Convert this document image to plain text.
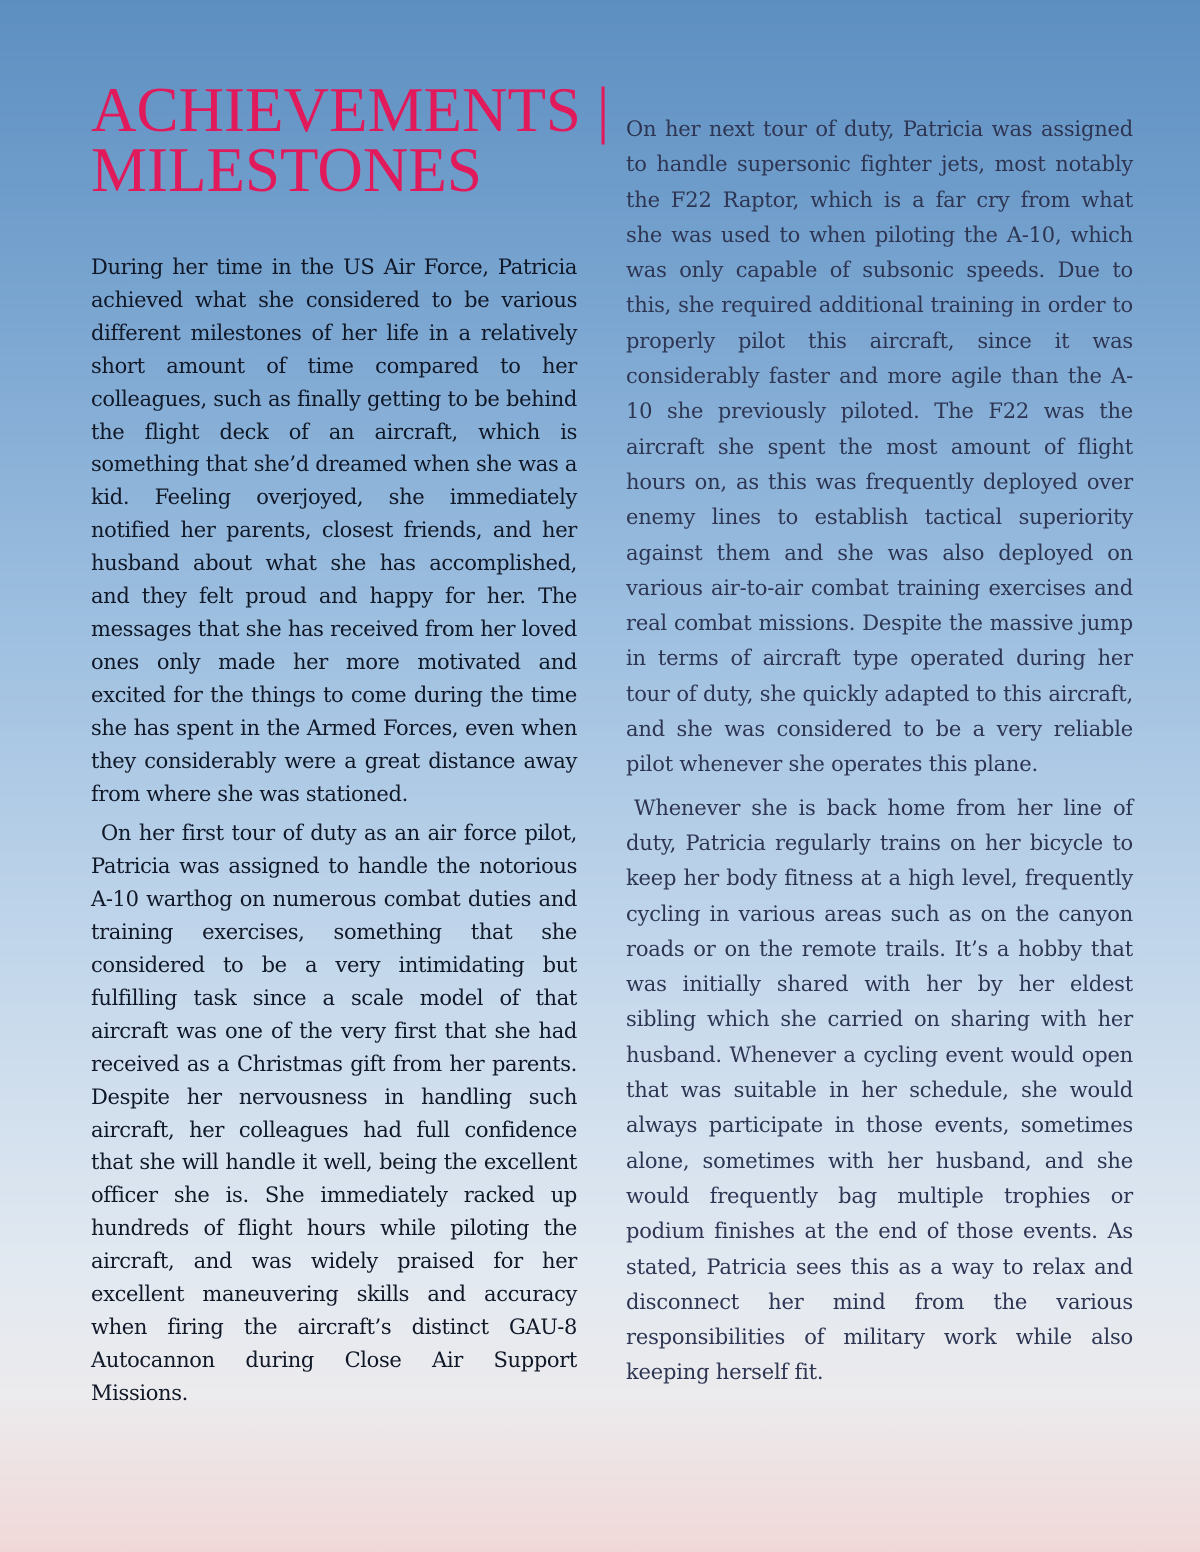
ACHIEVEMENTS |
MILESTONES

During her time in the US Air Force, Patricia achieved what she considered to be various different milestones of her life in a relatively short amount of time compared to her colleagues, such as finally getting to be behind the flight deck of an aircraft, which is something that she’d dreamed when she was a kid. Feeling overjoyed, she immediately notified her parents, closest friends, and her husband about what she has accomplished, and they felt proud and happy for her. The messages that she has received from her loved ones only made her more motivated and excited for the things to come during the time she has spent in the Armed Forces, even when they considerably were a great distance away from where she was stationed.

On her first tour of duty as an air force pilot, Patricia was assigned to handle the notorious A-10 warthog on numerous combat duties and training exercises, something that she considered to be a very intimidating but fulfilling task since a scale model of that aircraft was one of the very first that she had received as a Christmas gift from her parents. Despite her nervousness in handling such aircraft, her colleagues had full confidence that she will handle it well, being the excellent officer she is. She immediately racked up hundreds of flight hours while piloting the aircraft, and was widely praised for her excellent maneuvering skills and accuracy when firing the aircraft’s distinct GAU-8 Autocannon during Close Air Support Missions.

On her next tour of duty, Patricia was assigned to handle supersonic fighter jets, most notably the F22 Raptor, which is a far cry from what she was used to when piloting the A-10, which was only capable of subsonic speeds. Due to this, she required additional training in order to properly pilot this aircraft, since it was considerably faster and more agile than the A-10 she previously piloted. The F22 was the aircraft she spent the most amount of flight hours on, as this was frequently deployed over enemy lines to establish tactical superiority against them and she was also deployed on various air-to-air combat training exercises and real combat missions. Despite the massive jump in terms of aircraft type operated during her tour of duty, she quickly adapted to this aircraft, and she was considered to be a very reliable pilot whenever she operates this plane.

Whenever she is back home from her line of duty, Patricia regularly trains on her bicycle to keep her body fitness at a high level, frequently cycling in various areas such as on the canyon roads or on the remote trails. It’s a hobby that was initially shared with her by her eldest sibling which she carried on sharing with her husband. Whenever a cycling event would open that was suitable in her schedule, she would always participate in those events, sometimes alone, sometimes with her husband, and she would frequently bag multiple trophies or podium finishes at the end of those events. As stated, Patricia sees this as a way to relax and disconnect her mind from the various responsibilities of military work while also keeping herself fit.
